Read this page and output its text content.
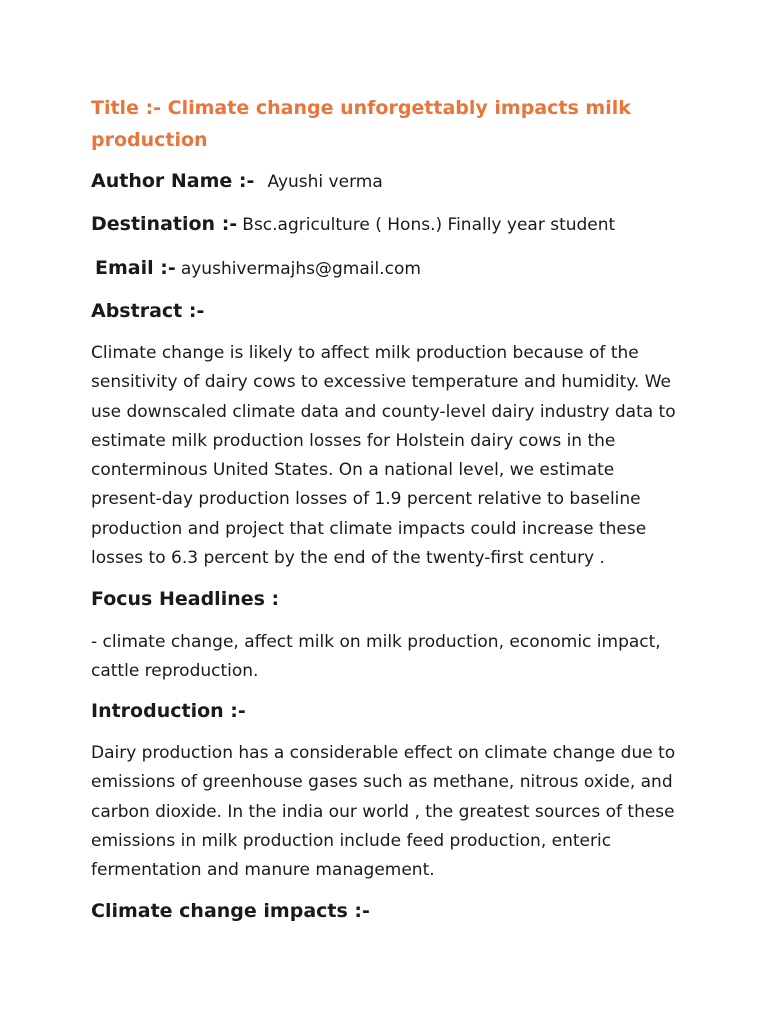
Title :- Climate change unforgettably impacts milk production

Author Name :- Ayushi verma

Destination :- Bsc.agriculture ( Hons.) Finally year student

Email :- ayushivermajhs@gmail.com

Abstract :-

Climate change is likely to affect milk production because of the sensitivity of dairy cows to excessive temperature and humidity. We use downscaled climate data and county-level dairy industry data to estimate milk production losses for Holstein dairy cows in the conterminous United States. On a national level, we estimate present-day production losses of 1.9 percent relative to baseline production and project that climate impacts could increase these losses to 6.3 percent by the end of the twenty-first century .

Focus Headlines :

- climate change, affect milk on milk production, economic impact, cattle reproduction.

Introduction :-

Dairy production has a considerable effect on climate change due to emissions of greenhouse gases such as methane, nitrous oxide, and carbon dioxide. In the india our world , the greatest sources of these emissions in milk production include feed production, enteric fermentation and manure management.

Climate change impacts :-
